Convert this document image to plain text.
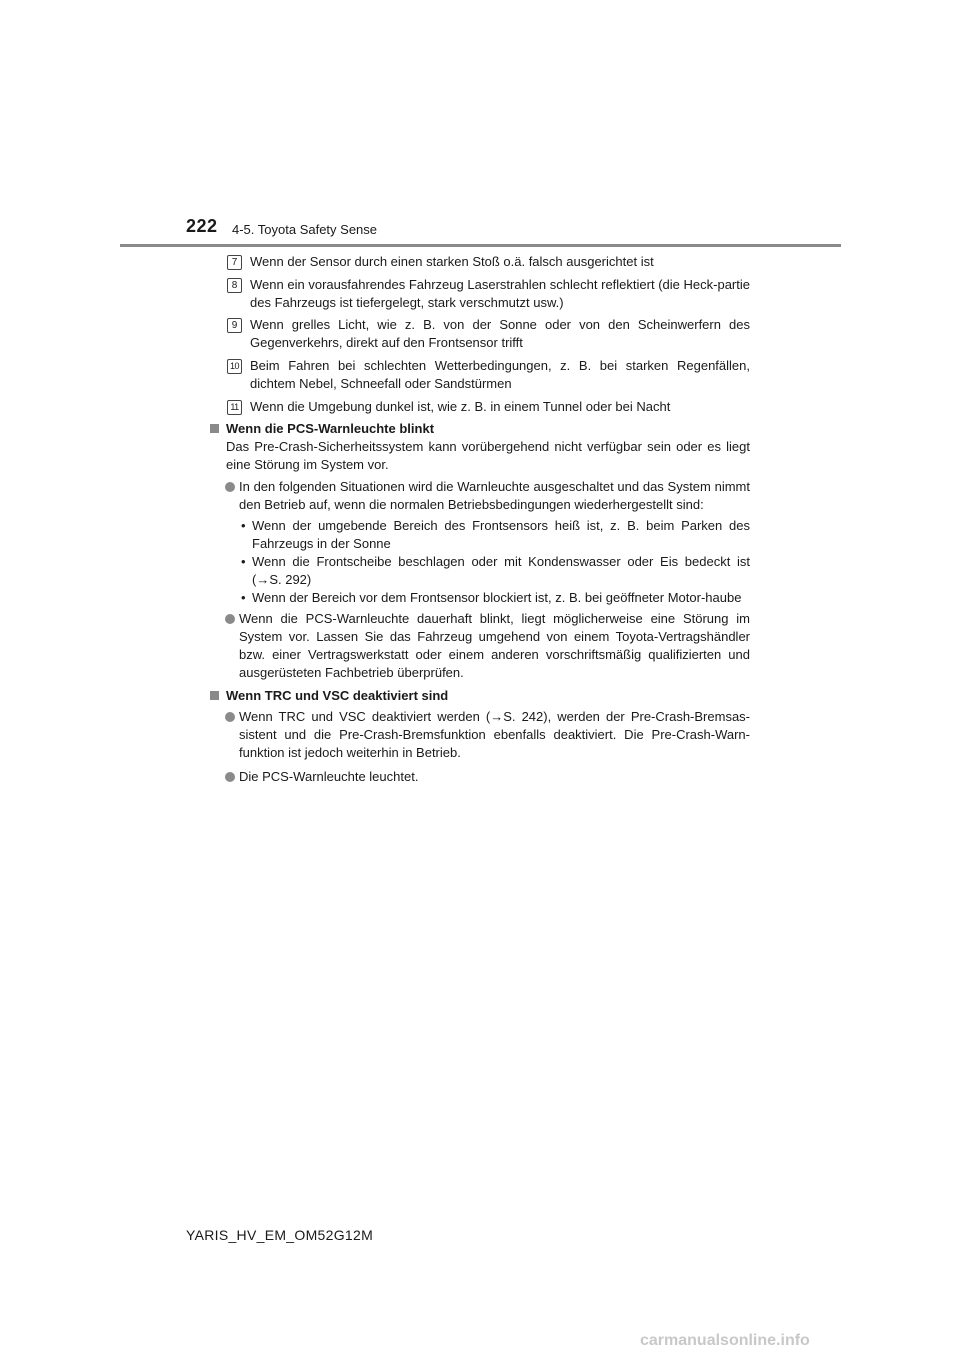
222 4-5. Toyota Safety Sense
7 Wenn der Sensor durch einen starken Stoß o.ä. falsch ausgerichtet ist
8 Wenn ein vorausfahrendes Fahrzeug Laserstrahlen schlecht reflektiert (die Heck-partie des Fahrzeugs ist tiefergelegt, stark verschmutzt usw.)
9 Wenn grelles Licht, wie z. B. von der Sonne oder von den Scheinwerfern des Gegenverkehrs, direkt auf den Frontsensor trifft
10 Beim Fahren bei schlechten Wetterbedingungen, z. B. bei starken Regenfällen, dichtem Nebel, Schneefall oder Sandstürmen
11 Wenn die Umgebung dunkel ist, wie z. B. in einem Tunnel oder bei Nacht
Wenn die PCS-Warnleuchte blinkt
Das Pre-Crash-Sicherheitssystem kann vorübergehend nicht verfügbar sein oder es liegt eine Störung im System vor.
In den folgenden Situationen wird die Warnleuchte ausgeschaltet und das System nimmt den Betrieb auf, wenn die normalen Betriebsbedingungen wiederhergestellt sind:
• Wenn der umgebende Bereich des Frontsensors heiß ist, z. B. beim Parken des Fahrzeugs in der Sonne
• Wenn die Frontscheibe beschlagen oder mit Kondenswasser oder Eis bedeckt ist (→S. 292)
• Wenn der Bereich vor dem Frontsensor blockiert ist, z. B. bei geöffneter Motor-haube
Wenn die PCS-Warnleuchte dauerhaft blinkt, liegt möglicherweise eine Störung im System vor. Lassen Sie das Fahrzeug umgehend von einem Toyota-Vertragshändler bzw. einer Vertragswerkstatt oder einem anderen vorschriftsmäßig qualifizierten und ausgerüsteten Fachbetrieb überprüfen.
Wenn TRC und VSC deaktiviert sind
Wenn TRC und VSC deaktiviert werden (→S. 242), werden der Pre-Crash-Bremsas-sistent und die Pre-Crash-Bremsfunktion ebenfalls deaktiviert. Die Pre-Crash-Warn-funktion ist jedoch weiterhin in Betrieb.
Die PCS-Warnleuchte leuchtet.
YARIS_HV_EM_OM52G12M
carmanualsonline.info
